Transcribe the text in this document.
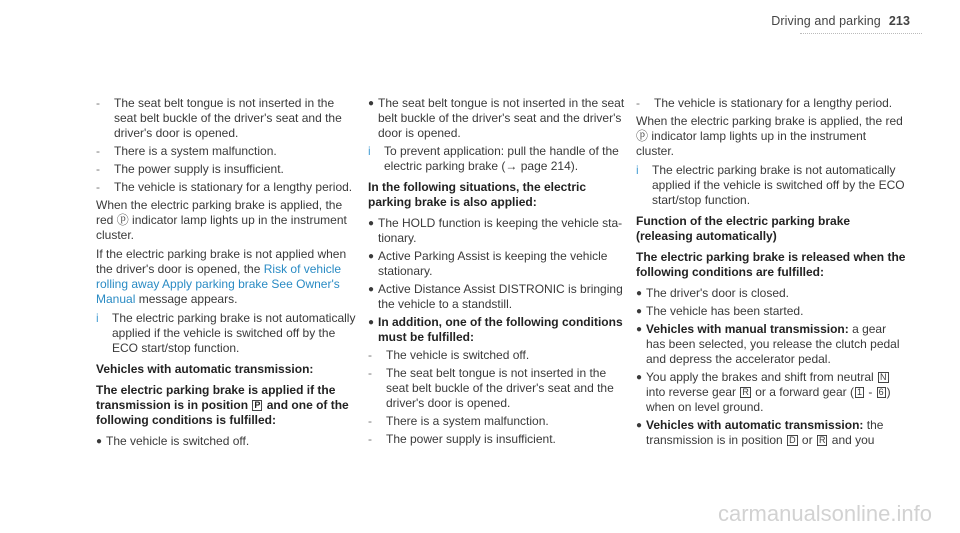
Driving and parking 213
-	The seat belt tongue is not inserted in the seat belt buckle of the driver's seat and the driver's door is opened.
-	There is a system malfunction.
-	The power supply is insufficient.
-	The vehicle is stationary for a lengthy period.
When the electric parking brake is applied, the red ⓟ indicator lamp lights up in the instrument cluster.
If the electric parking brake is not applied when the driver's door is opened, the Risk of vehicle rolling away Apply parking brake See Owner's Manual message appears.
i	The electric parking brake is not automatically applied if the vehicle is switched off by the ECO start/stop function.
Vehicles with automatic transmission:
The electric parking brake is applied if the transmission is in position P and one of the following conditions is fulfilled:
● The vehicle is switched off.
● The seat belt tongue is not inserted in the seat belt buckle of the driver's seat and the driver's door is opened.
i	To prevent application: pull the handle of the electric parking brake (→ page 214).
In the following situations, the electric parking brake is also applied:
● The HOLD function is keeping the vehicle stationary.
● Active Parking Assist is keeping the vehicle stationary.
● Active Distance Assist DISTRONIC is bringing the vehicle to a standstill.
● In addition, one of the following conditions must be fulfilled:
-	The vehicle is switched off.
-	The seat belt tongue is not inserted in the seat belt buckle of the driver's seat and the driver's door is opened.
-	There is a system malfunction.
-	The power supply is insufficient.
-	The vehicle is stationary for a lengthy period.
When the electric parking brake is applied, the red ⓟ indicator lamp lights up in the instrument cluster.
i	The electric parking brake is not automatically applied if the vehicle is switched off by the ECO start/stop function.
Function of the electric parking brake (releasing automatically)
The electric parking brake is released when the following conditions are fulfilled:
● The driver's door is closed.
● The vehicle has been started.
● Vehicles with manual transmission: a gear has been selected, you release the clutch pedal and depress the accelerator pedal.
● You apply the brakes and shift from neutral N into reverse gear R or a forward gear ( 1 - 6 ) when on level ground.
● Vehicles with automatic transmission: the transmission is in position D or R and you
carmanualsonline.info
